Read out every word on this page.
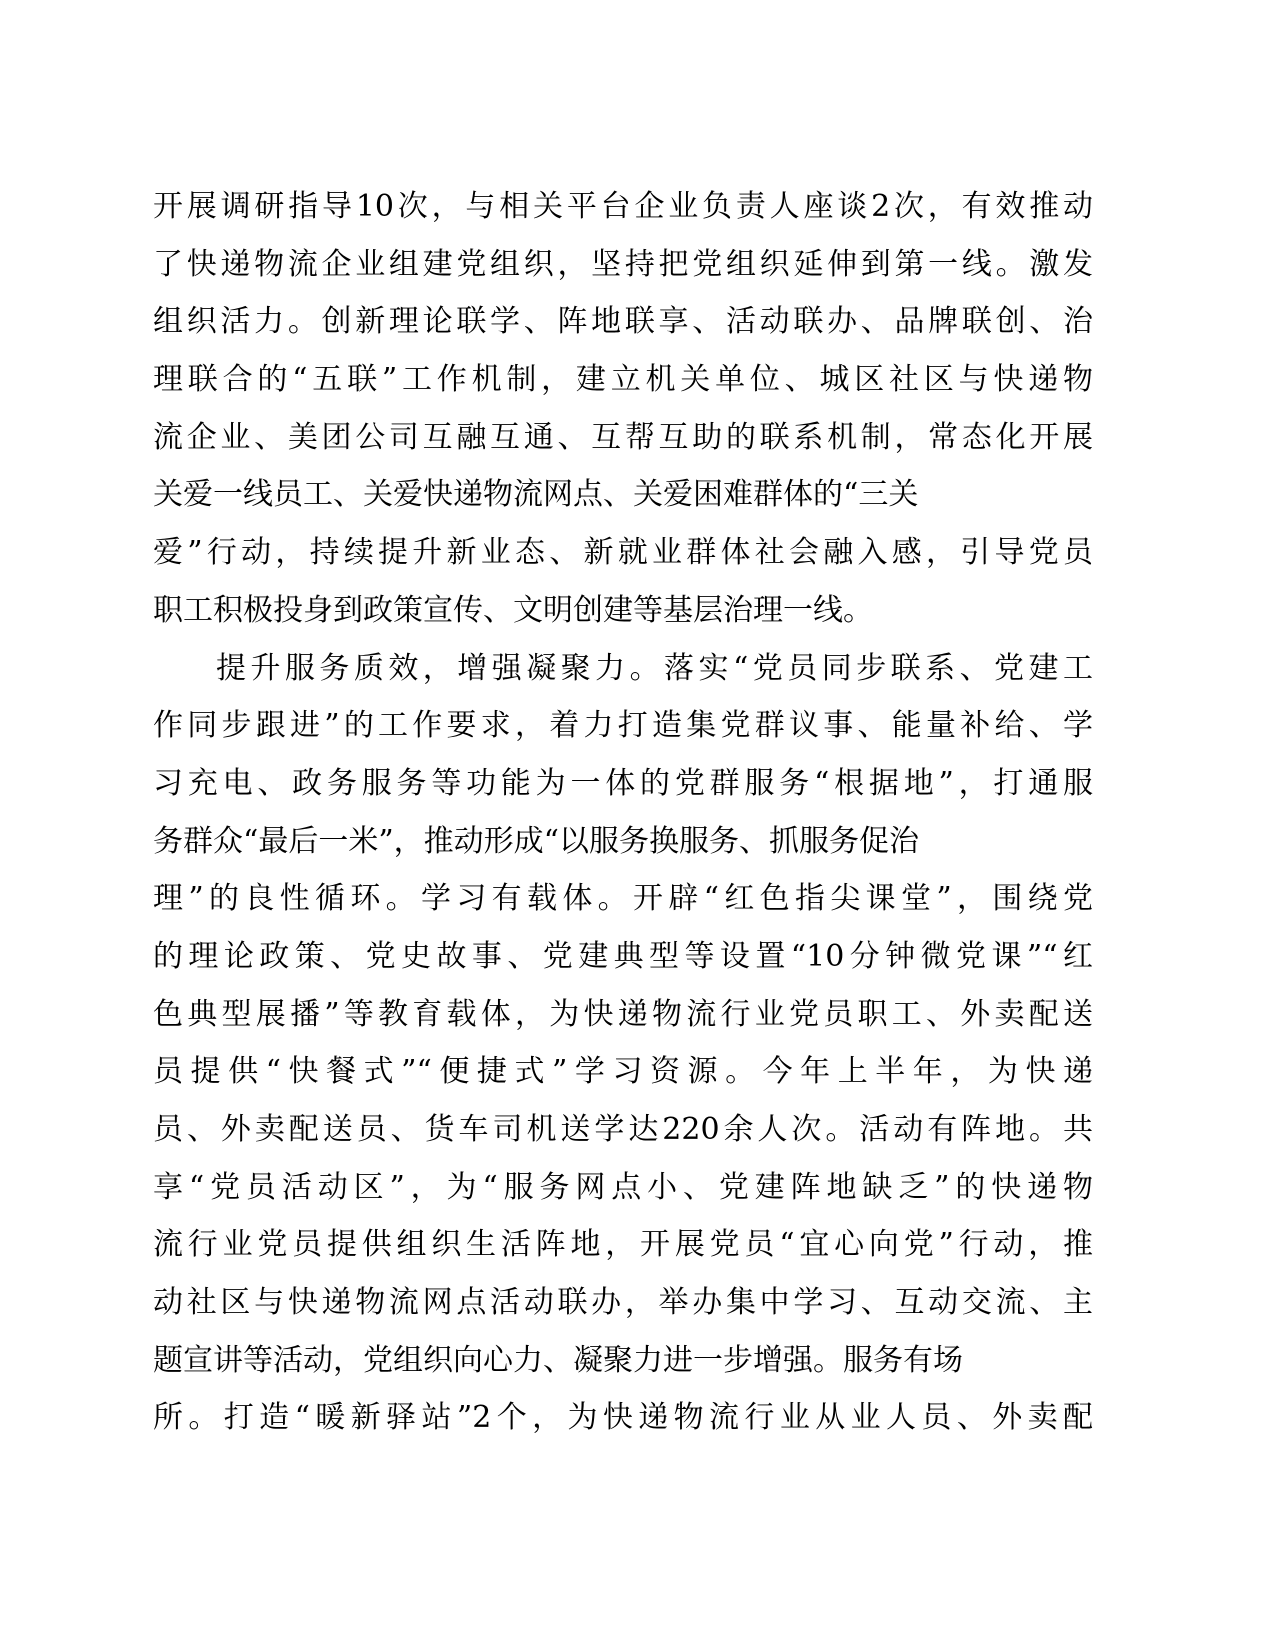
开展调研指导10次，与相关平台企业负责人座谈2次，有效推动
了快递物流企业组建党组织，坚持把党组织延伸到第一线。激发
组织活力。创新理论联学、阵地联享、活动联办、品牌联创、治
理联合的“五联”工作机制，建立机关单位、城区社区与快递物
流企业、美团公司互融互通、互帮互助的联系机制，常态化开展
关爱一线员工、关爱快递物流网点、关爱困难群体的“三关
爱”行动，持续提升新业态、新就业群体社会融入感，引导党员
职工积极投身到政策宣传、文明创建等基层治理一线。
提升服务质效，增强凝聚力。落实“党员同步联系、党建工
作同步跟进”的工作要求，着力打造集党群议事、能量补给、学
习充电、政务服务等功能为一体的党群服务“根据地”，打通服
务群众“最后一米”，推动形成“以服务换服务、抓服务促治
理”的良性循环。学习有载体。开辟“红色指尖课堂”，围绕党
的理论政策、党史故事、党建典型等设置“10分钟微党课”“红
色典型展播”等教育载体，为快递物流行业党员职工、外卖配送
员提供“快餐式”“便捷式”学习资源。今年上半年，为快递
员、外卖配送员、货车司机送学达220余人次。活动有阵地。共
享“党员活动区”，为“服务网点小、党建阵地缺乏”的快递物
流行业党员提供组织生活阵地，开展党员“宜心向党”行动，推
动社区与快递物流网点活动联办，举办集中学习、互动交流、主
题宣讲等活动，党组织向心力、凝聚力进一步增强。服务有场
所。打造“暖新驿站”2个，为快递物流行业从业人员、外卖配
